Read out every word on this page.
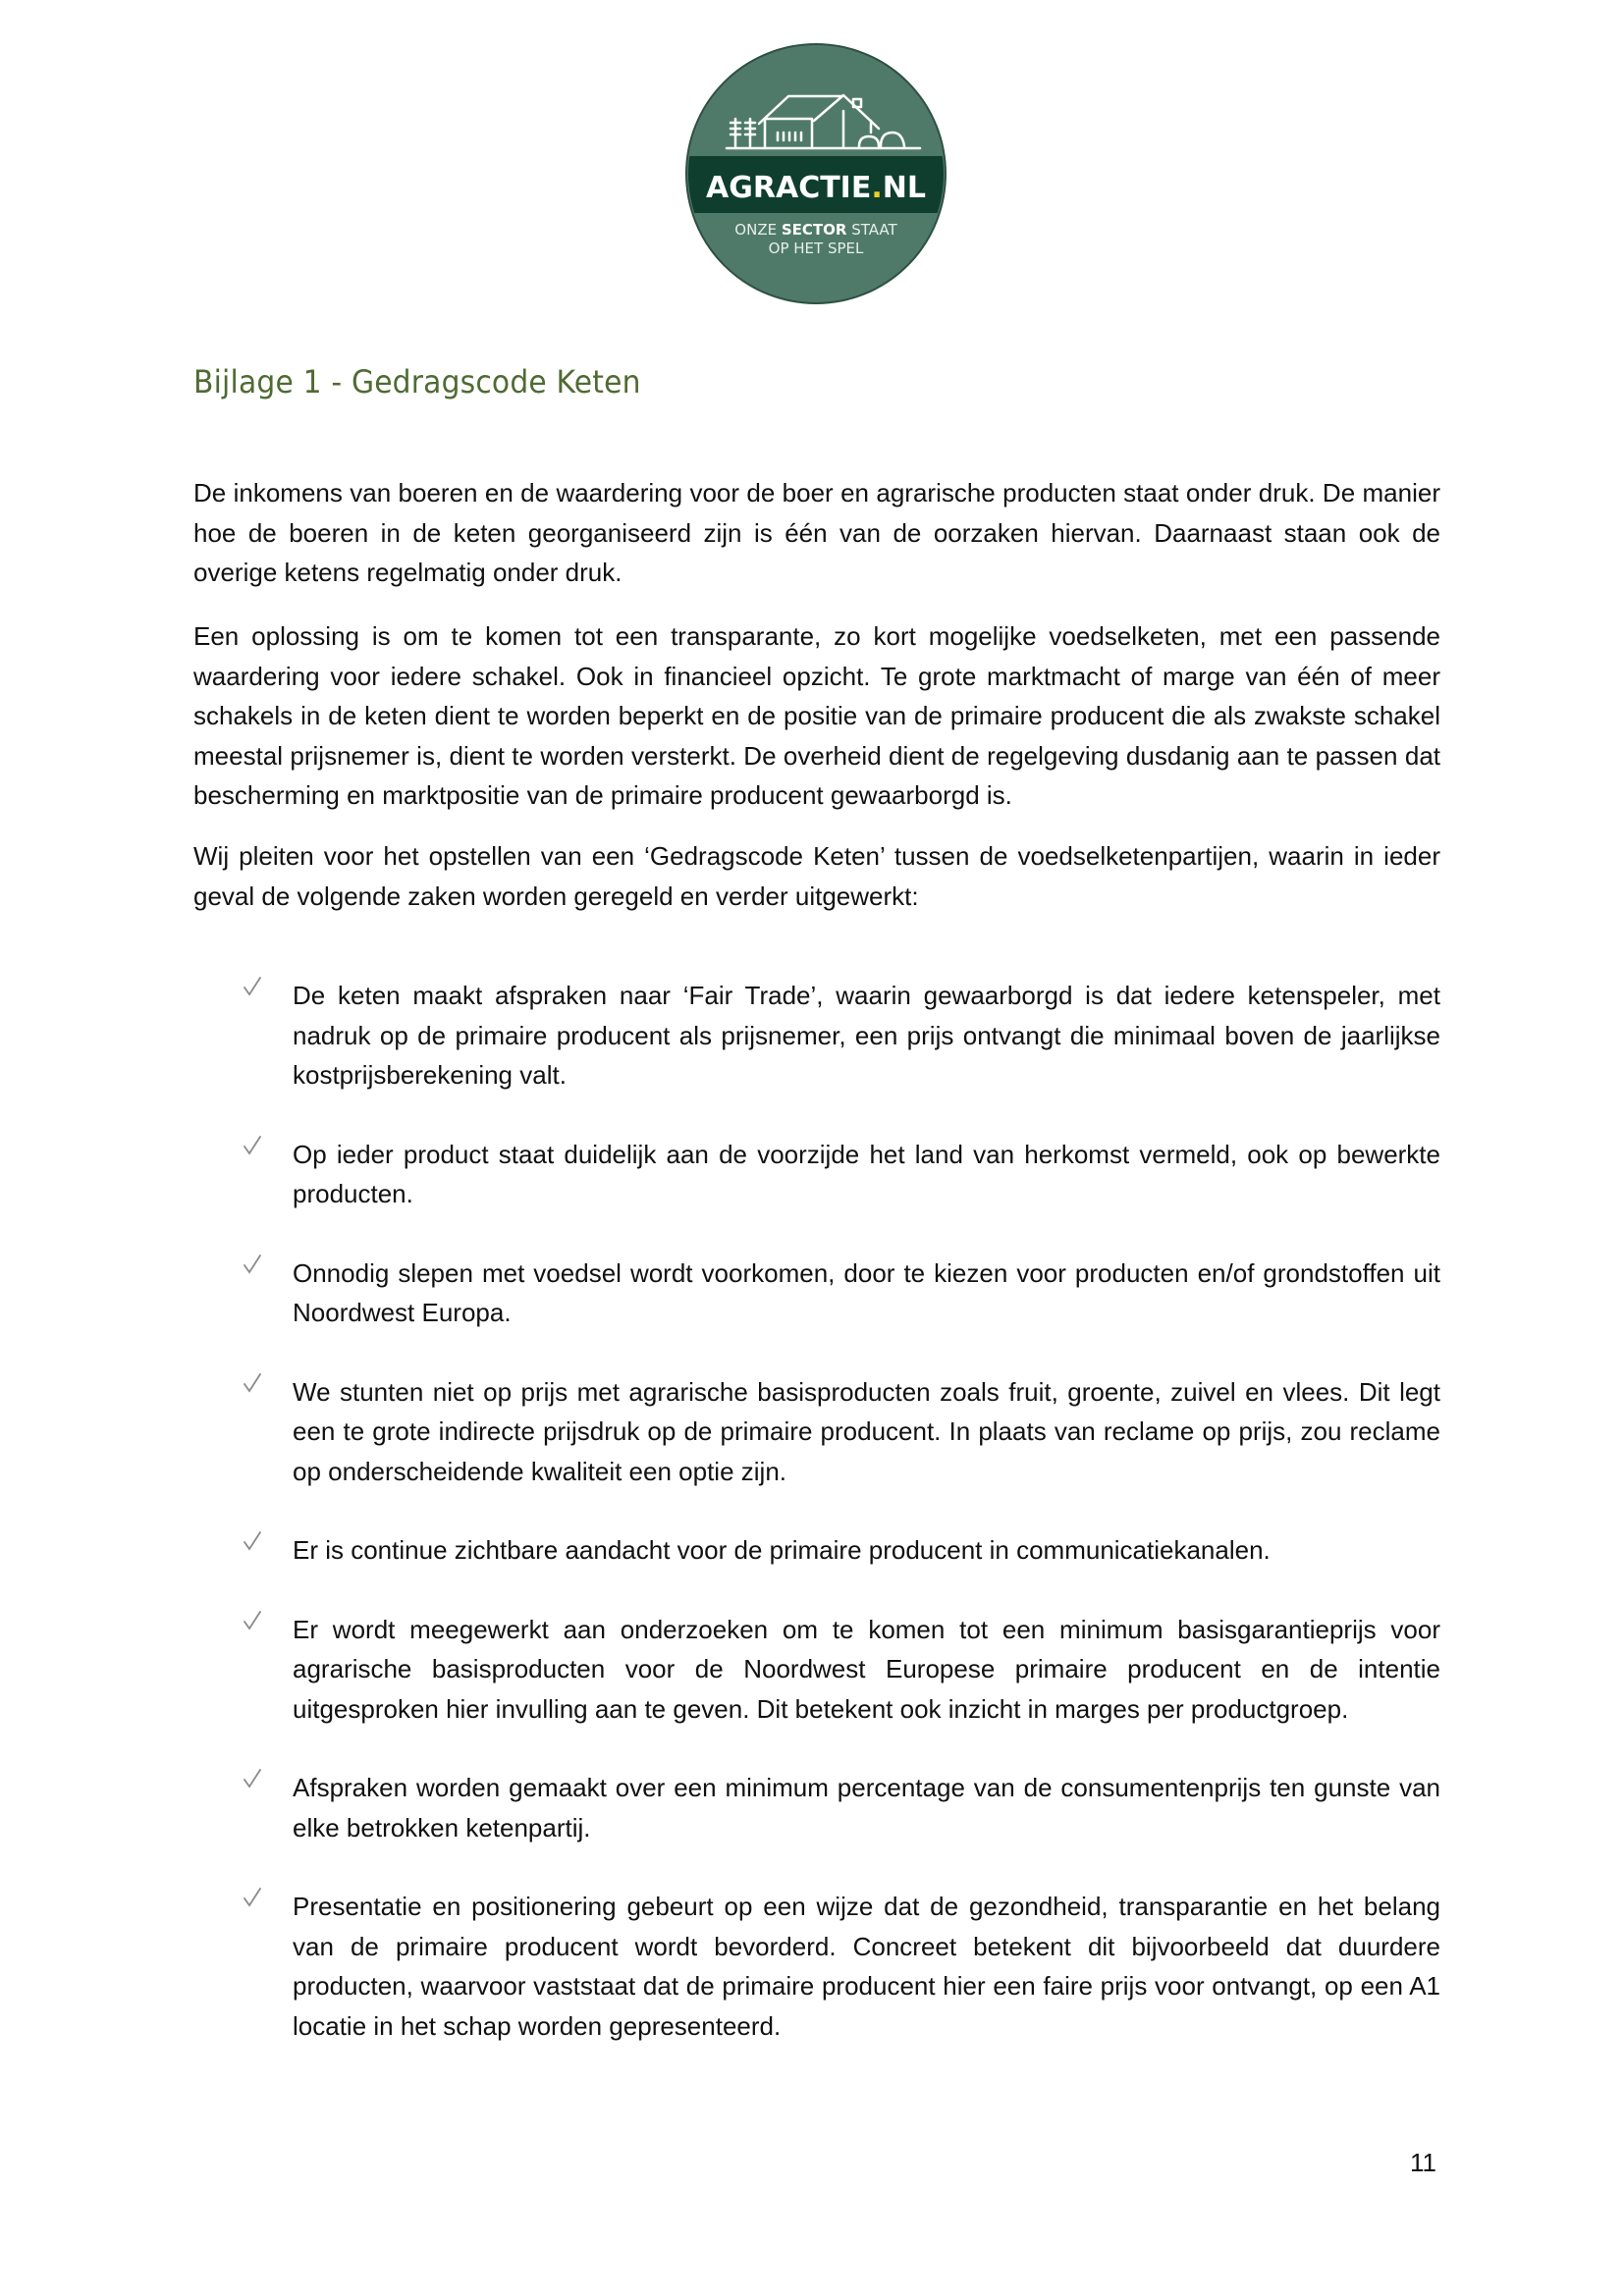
AGRACTIE.NL
ONZE SECTOR STAAT
OP HET SPEL
Bijlage 1 - Gedragscode Keten

De inkomens van boeren en de waardering voor de boer en agrarische producten staat onder druk. De manier hoe de boeren in de keten georganiseerd zijn is één van de oorzaken hiervan. Daarnaast staan ook de overige ketens regelmatig onder druk.

Een oplossing is om te komen tot een transparante, zo kort mogelijke voedselketen, met een passende waardering voor iedere schakel. Ook in financieel opzicht. Te grote marktmacht of marge van één of meer schakels in de keten dient te worden beperkt en de positie van de primaire producent die als zwakste schakel meestal prijsnemer is, dient te worden versterkt. De overheid dient de regelgeving dusdanig aan te passen dat bescherming en marktpositie van de primaire producent gewaarborgd is.

Wij pleiten voor het opstellen van een ‘Gedragscode Keten’ tussen de voedselketenpartijen, waarin in ieder geval de volgende zaken worden geregeld en verder uitgewerkt:

De keten maakt afspraken naar ‘Fair Trade’, waarin gewaarborgd is dat iedere ketenspeler, met nadruk op de primaire producent als prijsnemer, een prijs ontvangt die minimaal boven de jaarlijkse kostprijsberekening valt.
Op ieder product staat duidelijk aan de voorzijde het land van herkomst vermeld, ook op bewerkte producten.
Onnodig slepen met voedsel wordt voorkomen, door te kiezen voor producten en/of grondstoffen uit Noordwest Europa.
We stunten niet op prijs met agrarische basisproducten zoals fruit, groente, zuivel en vlees. Dit legt een te grote indirecte prijsdruk op de primaire producent. In plaats van reclame op prijs, zou reclame op onderscheidende kwaliteit een optie zijn.
Er is continue zichtbare aandacht voor de primaire producent in communicatiekanalen.
Er wordt meegewerkt aan onderzoeken om te komen tot een minimum basisgarantieprijs voor agrarische basisproducten voor de Noordwest Europese primaire producent en de intentie uitgesproken hier invulling aan te geven. Dit betekent ook inzicht in marges per productgroep.
Afspraken worden gemaakt over een minimum percentage van de consumentenprijs ten gunste van elke betrokken ketenpartij.
Presentatie en positionering gebeurt op een wijze dat de gezondheid, transparantie en het belang van de primaire producent wordt bevorderd. Concreet betekent dit bijvoorbeeld dat duurdere producten, waarvoor vaststaat dat de primaire producent hier een faire prijs voor ontvangt, op een A1 locatie in het schap worden gepresenteerd.
11
